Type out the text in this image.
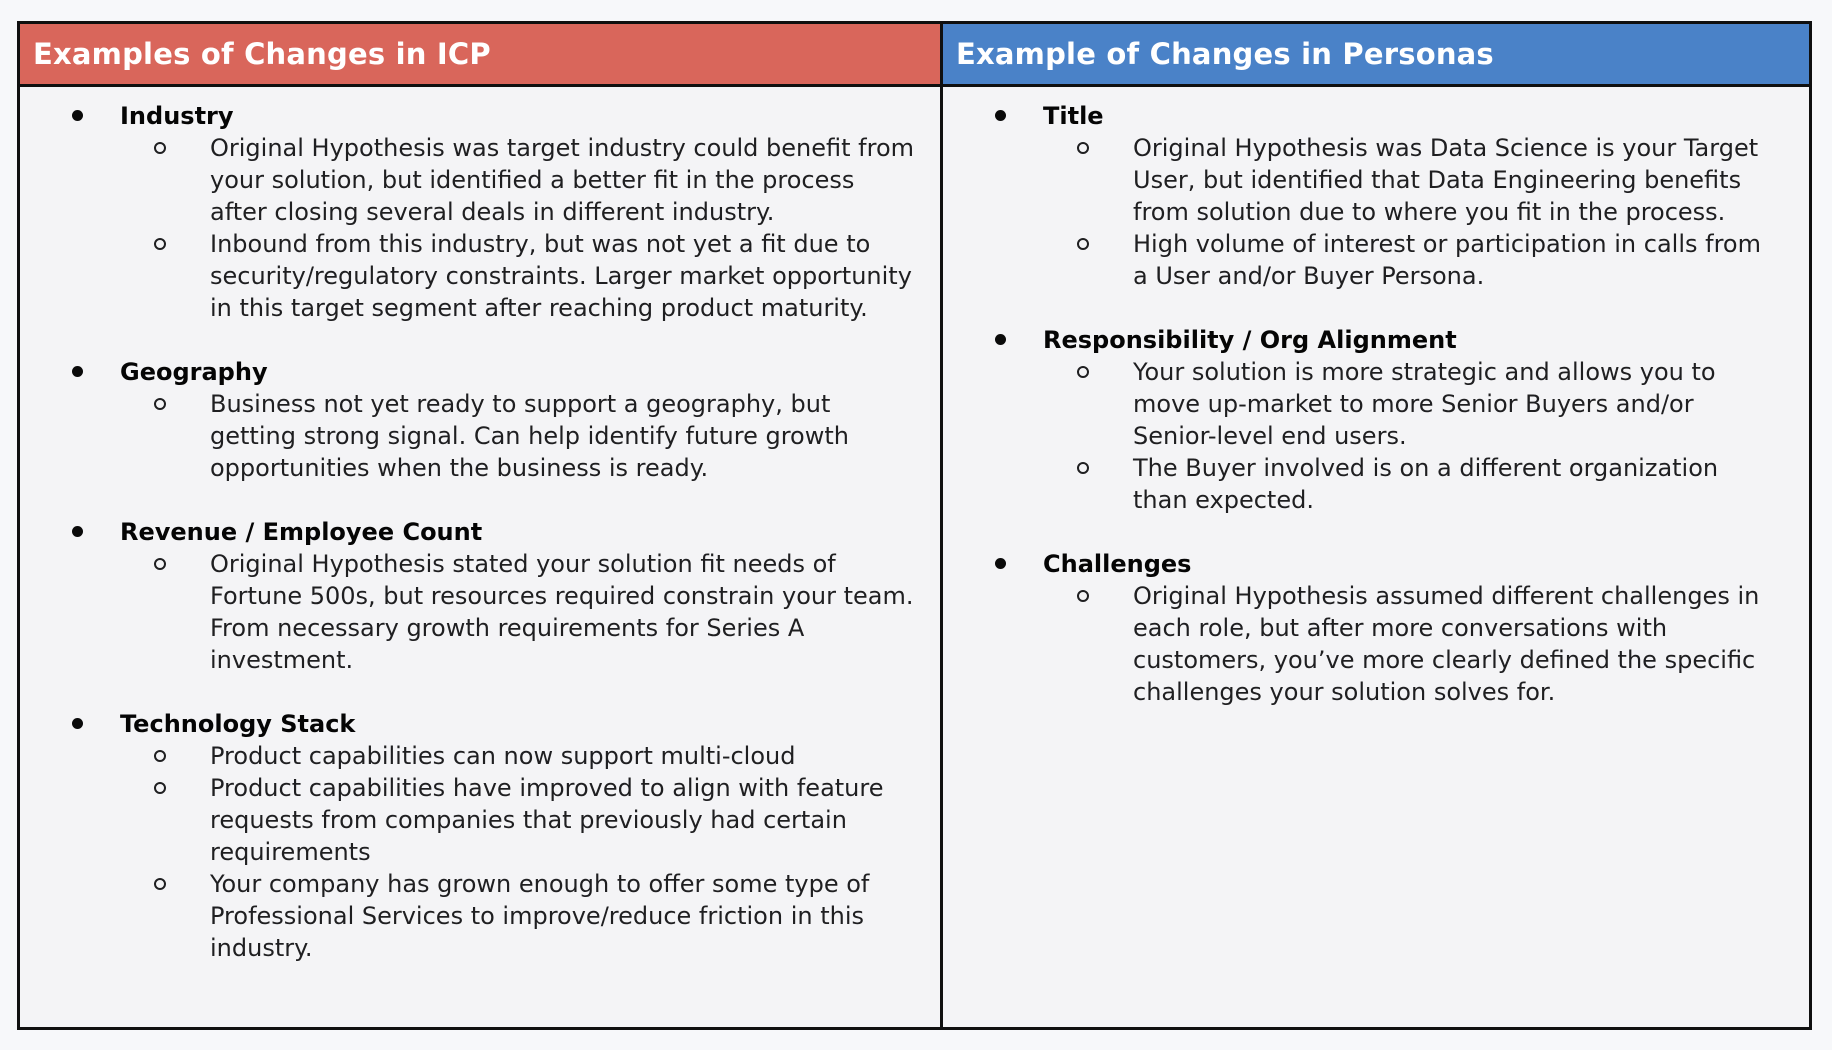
Examples of Changes in ICP	Example of Changes in Personas
Industry
Original Hypothesis was target industry could benefit from your solution, but identified a better fit in the process after closing several deals in different industry.
Inbound from this industry, but was not yet a fit due to security/regulatory constraints. Larger market opportunity in this target segment after reaching product maturity.
Geography
Business not yet ready to support a geography, but getting strong signal. Can help identify future growth opportunities when the business is ready.
Revenue / Employee Count
Original Hypothesis stated your solution fit needs of Fortune 500s, but resources required constrain your team. From necessary growth requirements for Series A investment.
Technology Stack
Product capabilities can now support multi-cloud
Product capabilities have improved to align with feature requests from companies that previously had certain requirements
Your company has grown enough to offer some type of Professional Services to improve/reduce friction in this industry.
Title
Original Hypothesis was Data Science is your Target User, but identified that Data Engineering benefits from solution due to where you fit in the process.
High volume of interest or participation in calls from a User and/or Buyer Persona.
Responsibility / Org Alignment
Your solution is more strategic and allows you to move up-market to more Senior Buyers and/or Senior-level end users.
The Buyer involved is on a different organization than expected.
Challenges
Original Hypothesis assumed different challenges in each role, but after more conversations with customers, you’ve more clearly defined the specific challenges your solution solves for.
